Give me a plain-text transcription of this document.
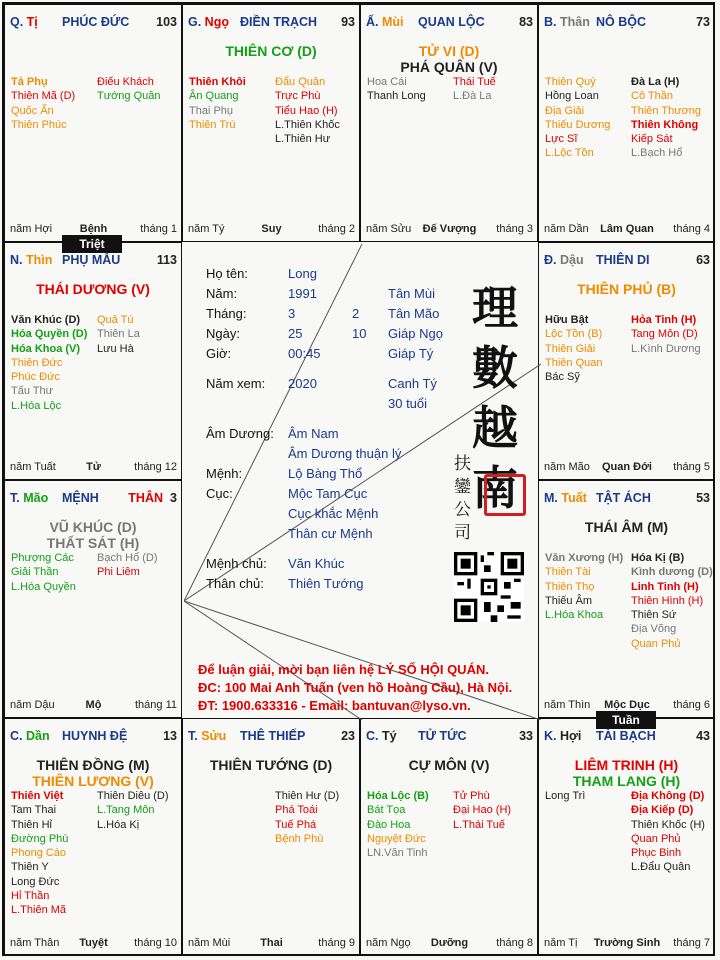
Q. Tị PHÚC ĐỨC 103
Tả Phụ
Thiên Mã (D)
Quốc Ấn
Thiên Phúc
Điếu Khách
Tướng Quân
năm Hợi	Bệnh	tháng 1
G. Ngọ ĐIỀN TRẠCH 93
THIÊN CƠ (D)
Thiên Khôi
Ân Quang
Thai Phụ
Thiên Trù
Đẩu Quân
Trực Phù
Tiểu Hao (H)
L.Thiên Khốc
L.Thiên Hư
năm Tý	Suy	tháng 2
Ấ. Mùi QUAN LỘC	83
TỬ VI (D)
PHÁ QUÂN (V)
Hoa Cái
Thanh Long
Thái Tuế
L.Đà La
năm Sửu	Đế Vượng	tháng 3
B. Thân NÔ BỘC	73
Thiên Quý
Hồng Loan
Địa Giải
Thiếu Dương
Lực Sĩ
L.Lộc Tồn
Đà La (H)
Cô Thần
Thiên Thương
Thiên Không
Kiếp Sát
L.Bạch Hổ
năm Dần	Lâm Quan	tháng 4
Đ. Dậu THIÊN DI	63
THIÊN PHỦ (B)
Hữu Bật
Lộc Tồn (B)
Thiên Giải
Thiên Quan
Bác Sỹ
Hỏa Tinh (H)
Tang Môn (D)
L.Kình Dương
năm Mão	Quan Đới	tháng 5
M. Tuất TẬT ÁCH	53
THÁI ÂM (M)
Văn Xương (H)
Thiên Tài
Thiên Thọ
Thiếu Âm
L.Hóa Khoa
Hóa Kị (B)
Kình dương (D)
Linh Tinh (H)
Thiên Hình (H)
Thiên Sứ
Địa Võng
Quan Phủ
năm Thìn	Mộc Dục	tháng 6
K. Hợi TÀI BẠCH	43
LIÊM TRINH (H)
THAM LANG (H)
Long Trì	Địa Không (D)
Địa Kiếp (D)
Thiên Khốc (H)
Quan Phủ
Phục Binh
L.Đẩu Quân
năm Tị	Trường Sinh	tháng 7
C. Tý TỬ TỨC	33
CỰ MÔN (V)
Hóa Lộc (B)
Bát Tọa
Đào Hoa
Nguyệt Đức
LN.Văn Tinh
Tử Phù
Đại Hao (H)
L.Thái Tuế
năm Ngọ	Dưỡng	tháng 8
T. Sửu THÊ THIẾP	23
THIÊN TƯỚNG (D)
Thiên Hư (D)
Phá Toái
Tuế Phá
Bệnh Phù
năm Mùi	Thai	tháng 9
C. Dần HUYNH ĐỆ	13
THIÊN ĐỒNG (M)
THIÊN LƯƠNG (V)
Thiên Việt
Tam Thai
Thiên Hỉ
Đường Phù
Phong Cáo
Thiên Y
Long Đức
Hỉ Thần
L.Thiên Mã
Thiên Diêu (D)
L.Tang Môn
L.Hóa Kị
năm Thân	Tuyệt	tháng 10
T. Mão MỆNH	3
THÂN
VŨ KHÚC (D)
THẤT SÁT (H)
Phượng Các
Giải Thần
L.Hóa Quyền
Bạch Hổ (D)
Phi Liêm
năm Dậu	Mộ	tháng 11
N. Thìn PHỤ MẪU	113
THÁI DƯƠNG (V)
Văn Khúc (D)
Hóa Quyền (D)
Hóa Khoa (V)
Thiên Đức
Phúc Đức
Tấu Thư
L.Hóa Lộc
Quả Tú
Thiên La
Lưu Hà
năm Tuất	Tử	tháng 12
Triệt
Tuần
Họ tên:	Long
Năm:	1991	Tân Mùi
Tháng:	3	2 Tân Mão
Ngày:	25	10 Giáp Ngọ
Giờ:	00:45	Giáp Tý
Năm xem: 2020	Canh Tý
30 tuổi
Âm Dương: Âm Nam
Âm Dương thuận lý
Mệnh:	Lộ Bàng Thổ
Cục:	Mộc Tam Cục
Cục khắc Mệnh
Thân cư Mệnh
Mệnh chủ: Văn Khúc
Thân chủ: Thiên Tướng
理
數
越
南
扶
鑾
公
司
Để luận giải, mời bạn liên hệ LÝ SỐ HỘI QUÁN.
ĐC: 100 Mai Anh Tuấn (ven hồ Hoàng Cầu), Hà Nội.
ĐT: 1900.633316 - Email: bantuvan@lyso.vn.
